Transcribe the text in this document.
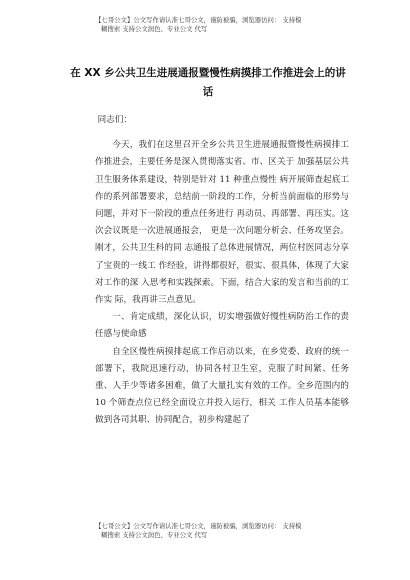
【七哥公文】公文写作请认准七哥公文，谨防被骗，浏览器访问： 支持模
糊搜索 支持公文润色、专业公文 代写
在 XX 乡公共卫生进展通报暨慢性病摸排工作推进会上的讲 话

同志们：

今天，我们在这里召开全乡公共卫生进展通报暨慢性病摸排工作推进会，主要任务是深入贯彻落实省、市、区关于 加强基层公共卫生服务体系建设，特别是针对 11 种重点慢性 病开展筛查起底工作的系列部署要求，总结前一阶段的工作，分析当前面临的形势与问题，并对下一阶段的重点任务进行 再动员、再部署、再压实。这次会议既是一次进展通报会， 更是一次问题分析会、任务攻坚会。 刚才，公共卫生科的同 志通报了总体进展情况，两位村医同志分享了宝贵的一线工 作经验，讲得都很好，很实、很具体，体现了大家对工作的深 入思考和实践探索。下面，结合大家的发言和当前的工作实 际，我再讲三点意见。

一、肯定成绩，深化认识，切实增强做好慢性病防治工作的责任感与使命感

自全区慢性病摸排起底工作启动以来，在乡党委、政府的统一部署下，我院迅速行动，协同各村卫生室，克服了时间紧、任务重、人手少等诸多困难，做了大量扎实有效的工作。全乡范围内的 10 个筛查点位已经全面设立并投入运行，相关 工作人员基本能够做到各司其职、协同配合，初步构建起了

【七哥公文】公文写作请认准七哥公文，谨防被骗，浏览器访问： 支持模
糊搜索 支持公文润色、专业公文 代写
